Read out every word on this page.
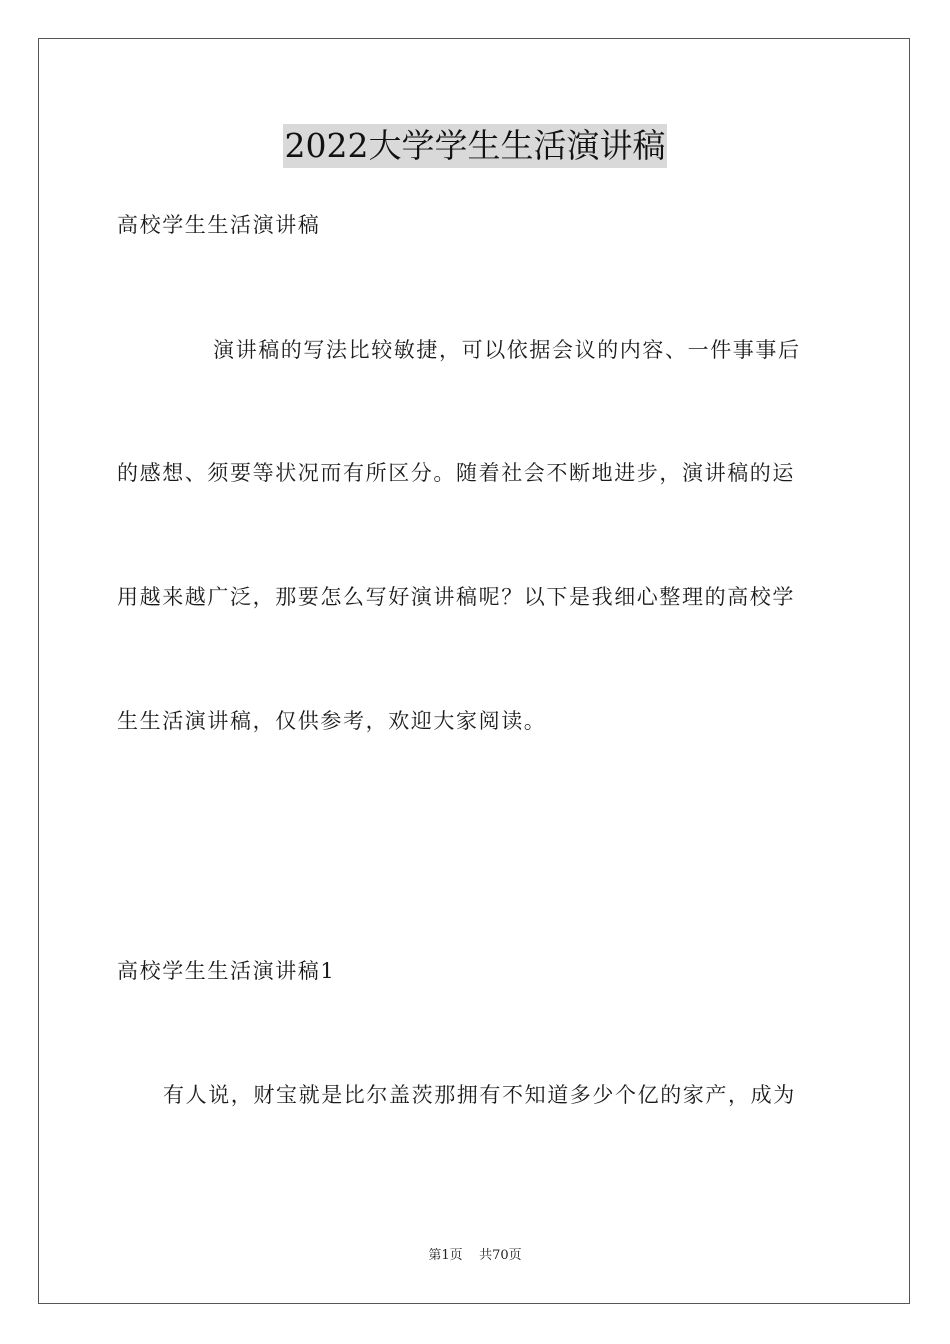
2022大学学生生活演讲稿
高校学生生活演讲稿
演讲稿的写法比较敏捷，可以依据会议的内容、一件事事后
的感想、须要等状况而有所区分。随着社会不断地进步，演讲稿的运
用越来越广泛，那要怎么写好演讲稿呢？以下是我细心整理的高校学
生生活演讲稿，仅供参考，欢迎大家阅读。
高校学生生活演讲稿1
有人说，财宝就是比尔盖茨那拥有不知道多少个亿的家产，成为
第1页 共70页
